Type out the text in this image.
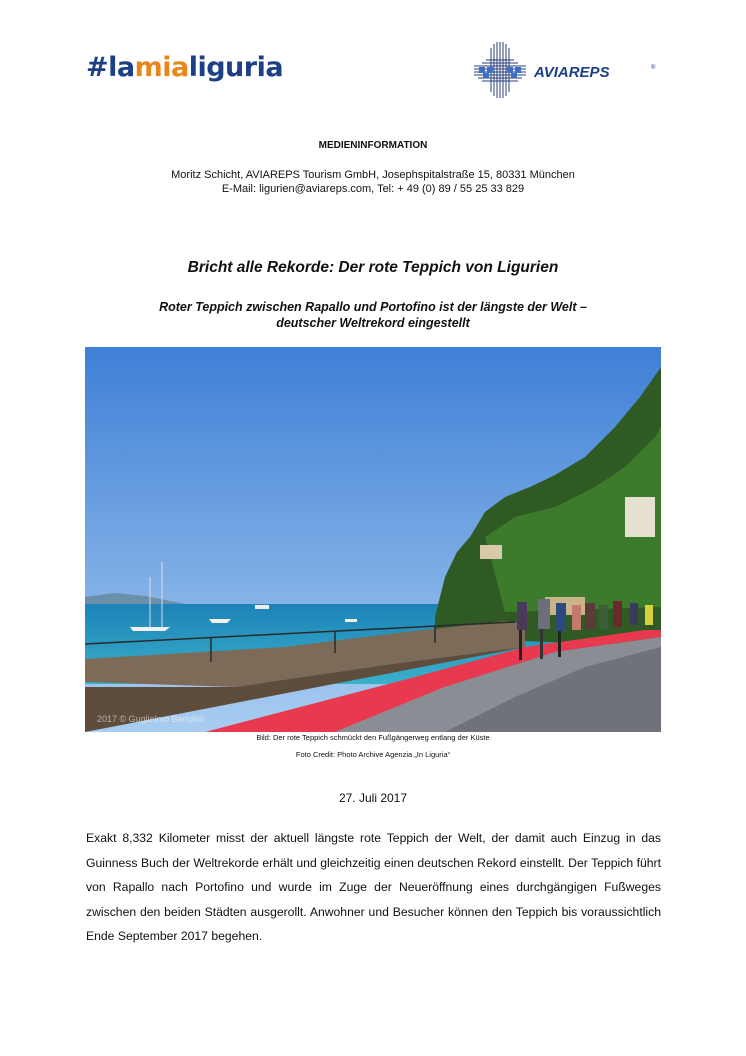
#lamialiguria	AVIAREPS	®
MEDIENINFORMATION
Moritz Schicht, AVIAREPS Tourism GmbH, Josephspitalstraße 15, 80331 München
E-Mail: ligurien@aviareps.com, Tel: + 49 (0) 89 / 55 25 33 829
Bricht alle Rekorde: Der rote Teppich von Ligurien
Roter Teppich zwischen Rapallo und Portofino ist der längste der Welt –
deutscher Weltrekord eingestellt
2017 © Guglielmo Bertolini
Bild: Der rote Teppich schmückt den Fußgängerweg entlang der Küste
Foto Credit: Photo Archive Agenzia „In Liguria“
27. Juli 2017
Exakt 8,332 Kilometer misst der aktuell längste rote Teppich der Welt, der damit auch Einzug in das Guinness Buch der Weltrekorde erhält und gleichzeitig einen deutschen Rekord einstellt. Der Teppich führt von Rapallo nach Portofino und wurde im Zuge der Neueröffnung eines durchgängigen Fußweges zwischen den beiden Städten ausgerollt. Anwohner und Besucher können den Teppich bis voraussichtlich Ende September 2017 begehen.
